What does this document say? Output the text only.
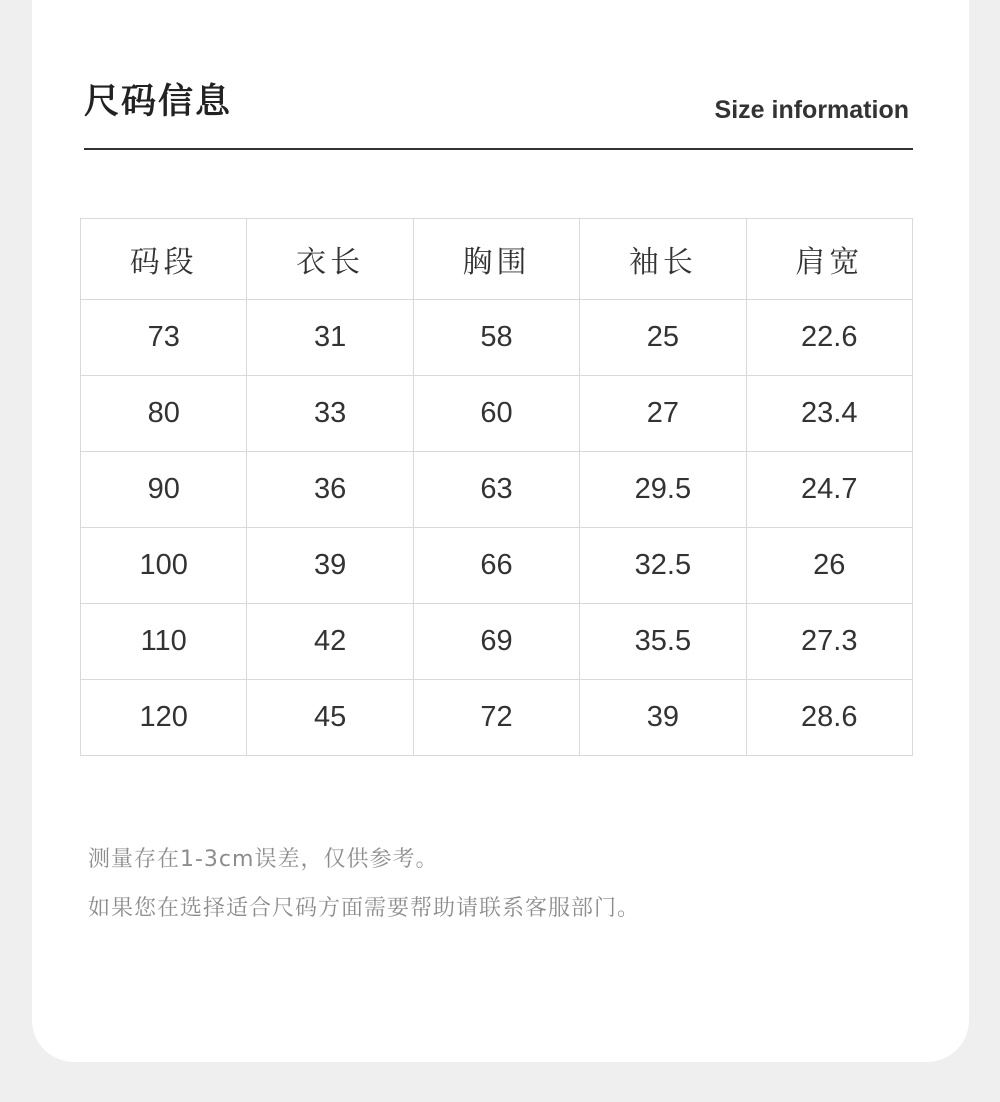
尺码信息	Size information
码段	衣长	胸围	袖长	肩宽
73	31	58	25	22.6
80	33	60	27	23.4
90	36	63	29.5	24.7
100	39	66	32.5	26
110	42	69	35.5	27.3
120	45	72	39	28.6

测量存在1-3cm误差，仅供参考。

如果您在选择适合尺码方面需要帮助请联系客服部门。
